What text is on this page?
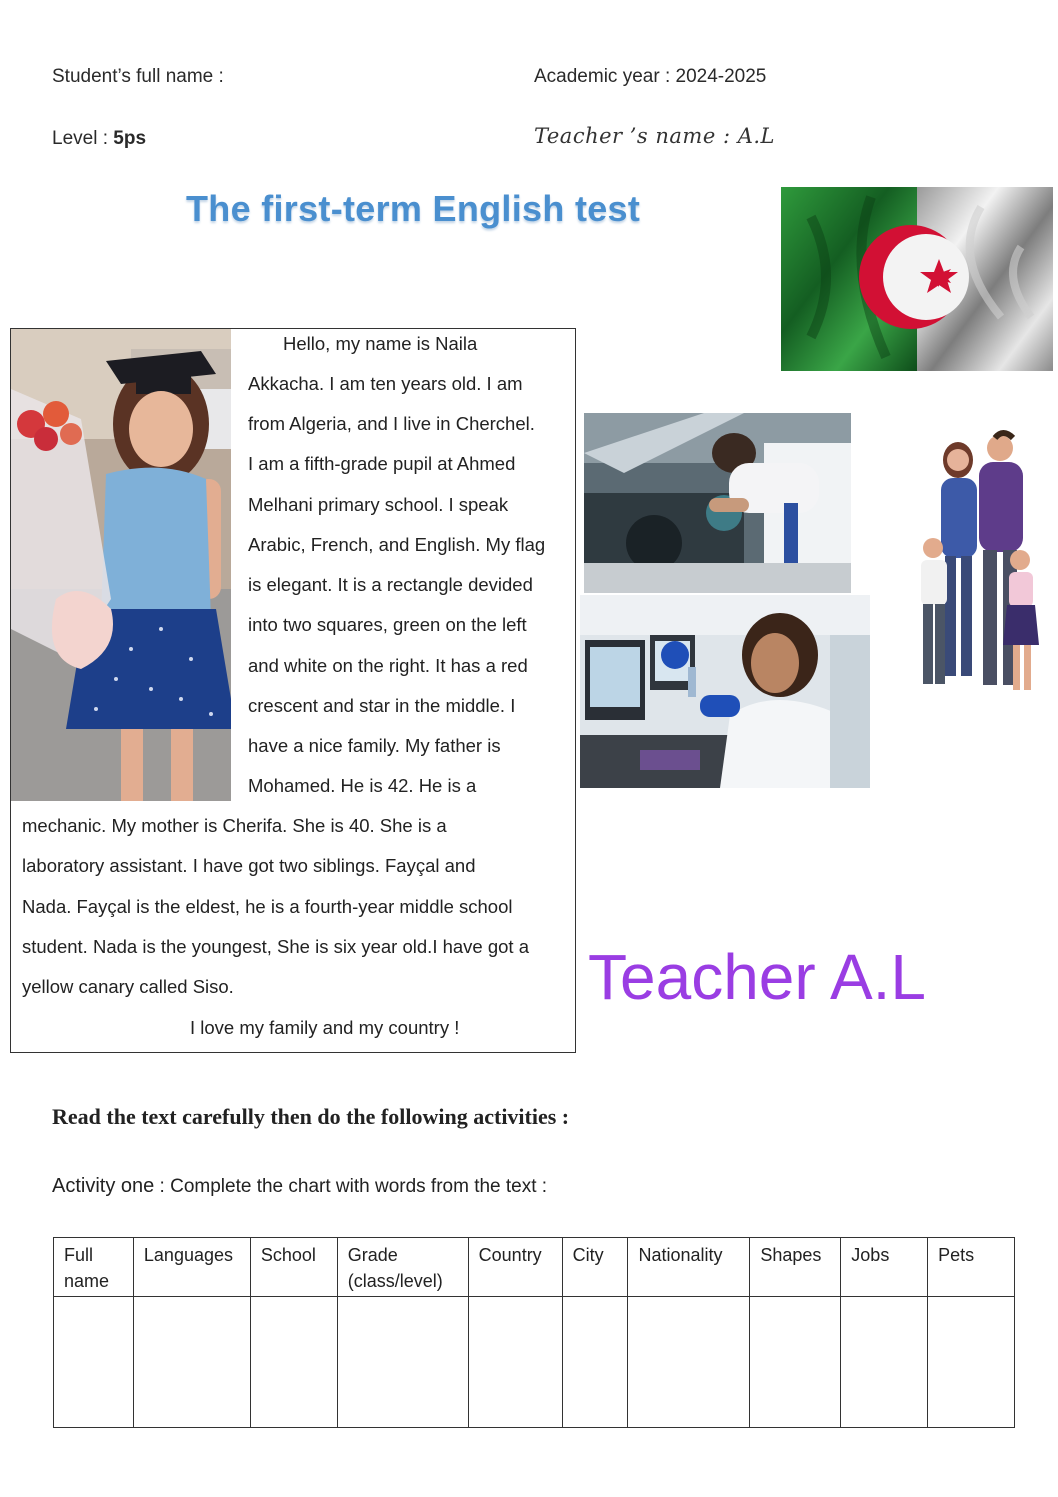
Student’s full name :	Academic year : 2024-2025
Level : 5ps	Teacher ’s name : A.L
The first-term English test
Hello, my name is Naila
Akkacha. I am ten years old. I am
from Algeria, and I live in Cherchel.
I am a fifth-grade pupil at Ahmed
Melhani primary school. I speak
Arabic, French, and English. My flag
is elegant. It is a rectangle devided
into two squares, green on the left
and white on the right. It has a red
crescent and star in the middle. I
have a nice family. My father is
Mohamed. He is 42. He is a
mechanic. My mother is Cherifa. She is 40. She is a
laboratory assistant. I have got two siblings. Fayçal and
Nada. Fayçal is the eldest, he is a fourth-year middle school
student. Nada is the youngest, She is six year old.I have got a
yellow canary called Siso.
I love my family and my country !
Teacher A.L
Read the text carefully then do the following activities :
Activity one : Complete the chart with words from the text :
Full name	Languages	School	Grade (class/level)	Country	City	Nationality	Shapes	Jobs	Pets
